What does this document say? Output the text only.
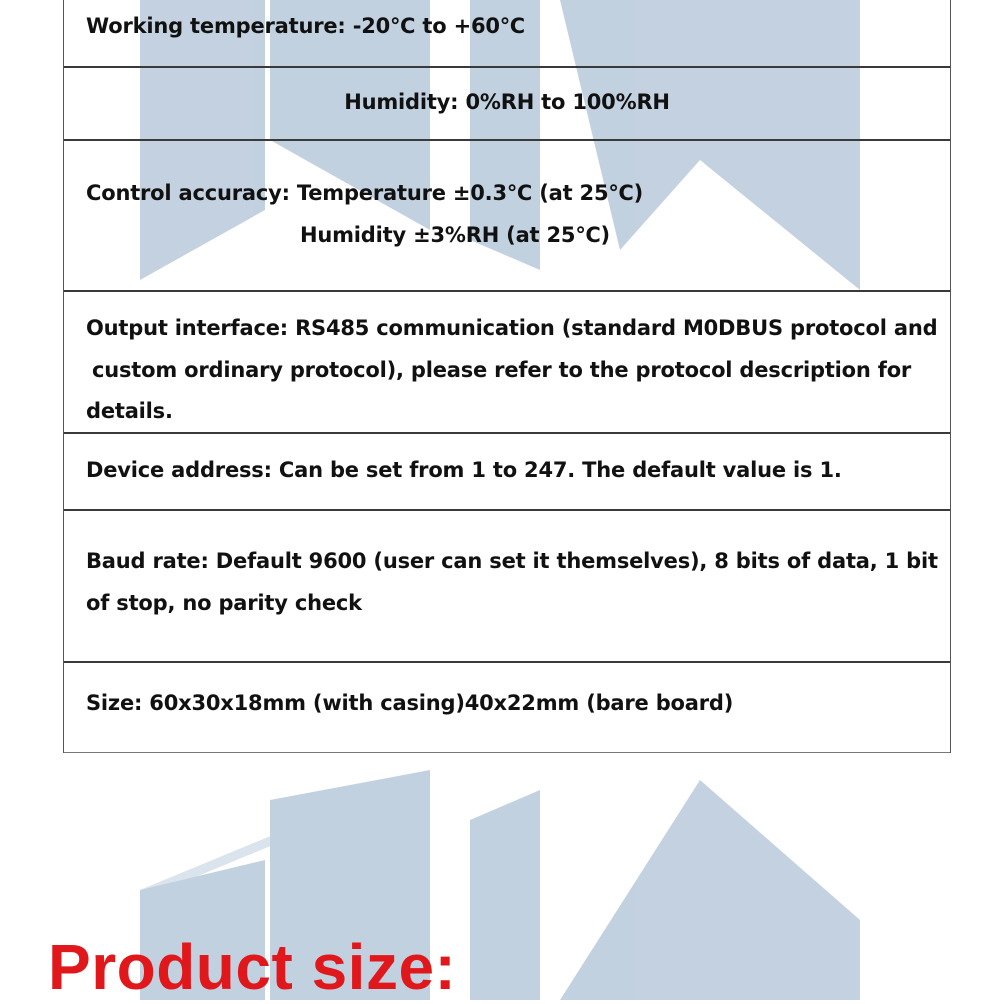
Working temperature: -20℃ to +60℃
Humidity: 0%RH to 100%RH
Control accuracy: Temperature ±0.3℃ (at 25℃)
Humidity ±3%RH (at 25℃)
Output interface: RS485 communication (standard M0DBUS protocol and
custom ordinary protocol), please refer to the protocol description for
details.
Device address: Can be set from 1 to 247. The default value is 1.
Baud rate: Default 9600 (user can set it themselves), 8 bits of data, 1 bit
of stop, no parity check
Size: 60x30x18mm (with casing)40x22mm (bare board)
Product size:
